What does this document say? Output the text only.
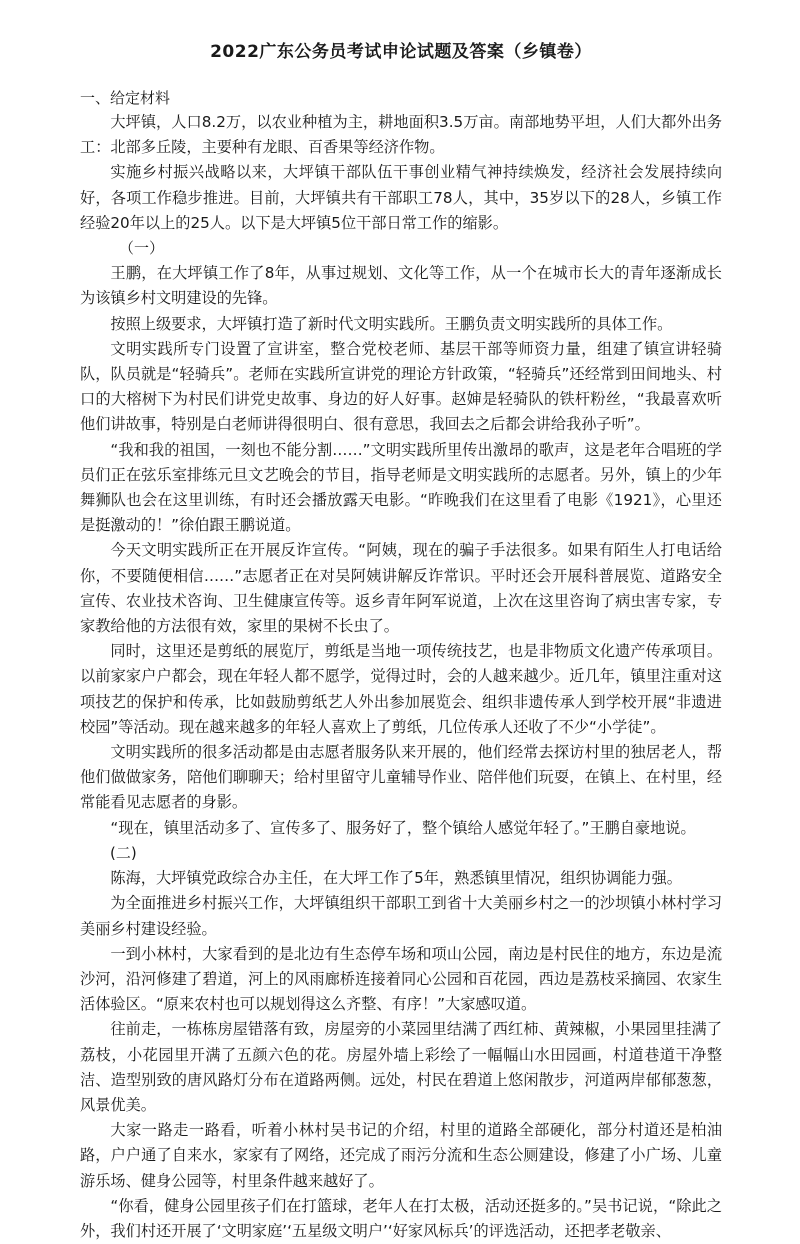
2022广东公务员考试申论试题及答案（乡镇卷）
一、给定材料

大坪镇，人口8.2万，以农业种植为主，耕地面积3.5万亩。南部地势平坦，人们大都外出务工：北部多丘陵，主要种有龙眼、百香果等经济作物。

实施乡村振兴战略以来，大坪镇干部队伍干事创业精气神持续焕发，经济社会发展持续向好，各项工作稳步推进。目前，大坪镇共有干部职工78人，其中，35岁以下的28人，乡镇工作经验20年以上的25人。以下是大坪镇5位干部日常工作的缩影。

（一）

王鹏，在大坪镇工作了8年，从事过规划、文化等工作，从一个在城市长大的青年逐渐成长为该镇乡村文明建设的先锋。

按照上级要求，大坪镇打造了新时代文明实践所。王鹏负责文明实践所的具体工作。

文明实践所专门设置了宣讲室，整合党校老师、基层干部等师资力量，组建了镇宣讲轻骑队，队员就是“轻骑兵”。老师在实践所宣讲党的理论方针政策，“轻骑兵”还经常到田间地头、村口的大榕树下为村民们讲党史故事、身边的好人好事。赵婶是轻骑队的铁杆粉丝，“我最喜欢听他们讲故事，特别是白老师讲得很明白、很有意思，我回去之后都会讲给我孙子听”。

“我和我的祖国，一刻也不能分割……”文明实践所里传出激昂的歌声，这是老年合唱班的学员们正在弦乐室排练元旦文艺晚会的节目，指导老师是文明实践所的志愿者。另外，镇上的少年舞狮队也会在这里训练，有时还会播放露天电影。“昨晚我们在这里看了电影《1921》，心里还是挺激动的！”徐伯跟王鹏说道。

今天文明实践所正在开展反诈宣传。“阿姨，现在的骗子手法很多。如果有陌生人打电话给你，不要随便相信……”志愿者正在对吴阿姨讲解反诈常识。平时还会开展科普展览、道路安全宣传、农业技术咨询、卫生健康宣传等。返乡青年阿军说道，上次在这里咨询了病虫害专家，专家教给他的方法很有效，家里的果树不长虫了。

同时，这里还是剪纸的展览厅，剪纸是当地一项传统技艺，也是非物质文化遗产传承项目。以前家家户户都会，现在年轻人都不愿学，觉得过时，会的人越来越少。近几年，镇里注重对这项技艺的保护和传承，比如鼓励剪纸艺人外出参加展览会、组织非遗传承人到学校开展“非遗进校园”等活动。现在越来越多的年轻人喜欢上了剪纸，几位传承人还收了不少“小学徒”。

文明实践所的很多活动都是由志愿者服务队来开展的，他们经常去探访村里的独居老人，帮他们做做家务，陪他们聊聊天；给村里留守儿童辅导作业、陪伴他们玩耍，在镇上、在村里，经常能看见志愿者的身影。

“现在，镇里活动多了、宣传多了、服务好了，整个镇给人感觉年轻了。”王鹏自豪地说。

(二)

陈海，大坪镇党政综合办主任，在大坪工作了5年，熟悉镇里情况，组织协调能力强。

为全面推进乡村振兴工作，大坪镇组织干部职工到省十大美丽乡村之一的沙坝镇小林村学习美丽乡村建设经验。

一到小林村，大家看到的是北边有生态停车场和项山公园，南边是村民住的地方，东边是流沙河，沿河修建了碧道，河上的风雨廊桥连接着同心公园和百花园，西边是荔枝采摘园、农家生活体验区。“原来农村也可以规划得这么齐整、有序！”大家感叹道。

往前走，一栋栋房屋错落有致，房屋旁的小菜园里结满了西红柿、黄辣椒，小果园里挂满了荔枝，小花园里开满了五颜六色的花。房屋外墙上彩绘了一幅幅山水田园画，村道巷道干净整洁、造型别致的唐风路灯分布在道路两侧。远处，村民在碧道上悠闲散步，河道两岸郁郁葱葱，风景优美。

大家一路走一路看，听着小林村吴书记的介绍，村里的道路全部硬化，部分村道还是柏油路，户户通了自来水，家家有了网络，还完成了雨污分流和生态公厕建设，修建了小广场、儿童游乐场、健身公园等，村里条件越来越好了。

“你看，健身公园里孩子们在打篮球，老年人在打太极，活动还挺多的。”吴书记说，“除此之外，我们村还开展了‘文明家庭’‘五星级文明户’‘好家风标兵’的评选活动，还把孝老敬亲、
